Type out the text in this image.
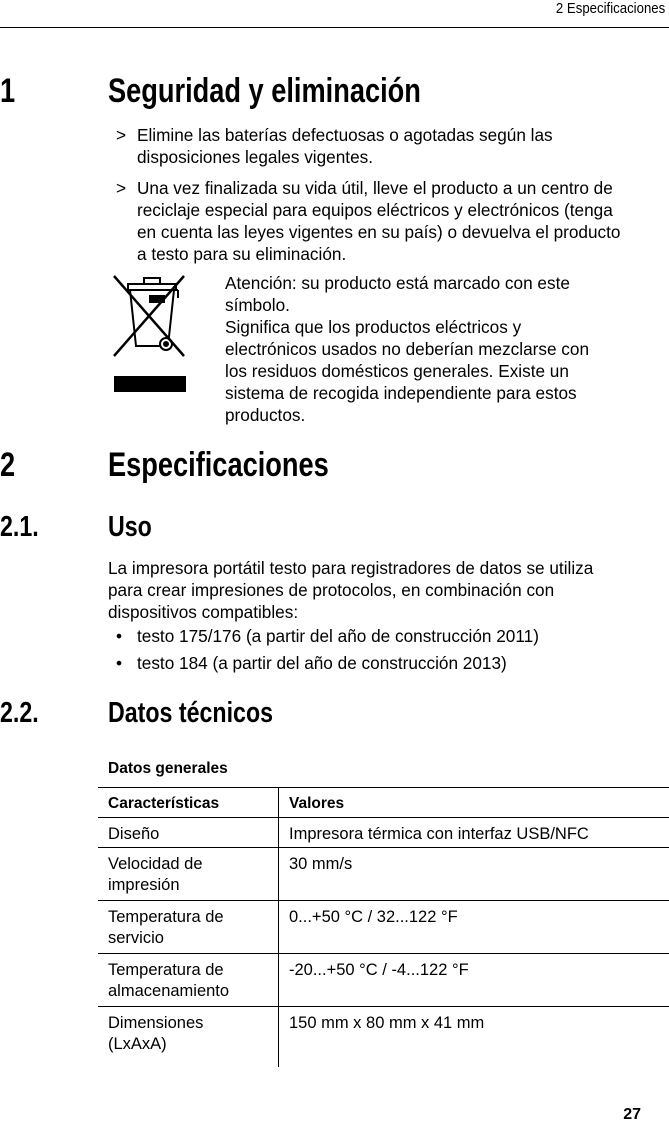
2 Especificaciones
1	Seguridad y eliminación
> Elimine las baterías defectuosas o agotadas según las
disposiciones legales vigentes.

> Una vez finalizada su vida útil, lleve el producto a un centro de
reciclaje especial para equipos eléctricos y electrónicos (tenga
en cuenta las leyes vigentes en su país) o devuelva el producto
a testo para su eliminación.

Atención: su producto está marcado con este
símbolo.
Significa que los productos eléctricos y
electrónicos usados no deberían mezclarse con
los residuos domésticos generales. Existe un
sistema de recogida independiente para estos
productos.

2	Especificaciones
2.1. Uso

La impresora portátil testo para registradores de datos se utiliza
para crear impresiones de protocolos, en combinación con
dispositivos compatibles:

• testo 175/176 (a partir del año de construcción 2011)

• testo 184 (a partir del año de construcción 2013)

2.2. Datos técnicos
Datos generales
Características	Valores
Diseño	Impresora térmica con interfaz USB/NFC
Velocidad de
impresión	30 mm/s
Temperatura de
servicio	0...+50 °C / 32...122 °F
Temperatura de
almacenamiento	-20...+50 °C / -4...122 °F
Dimensiones
(LxAxA)	150 mm x 80 mm x 41 mm
27
